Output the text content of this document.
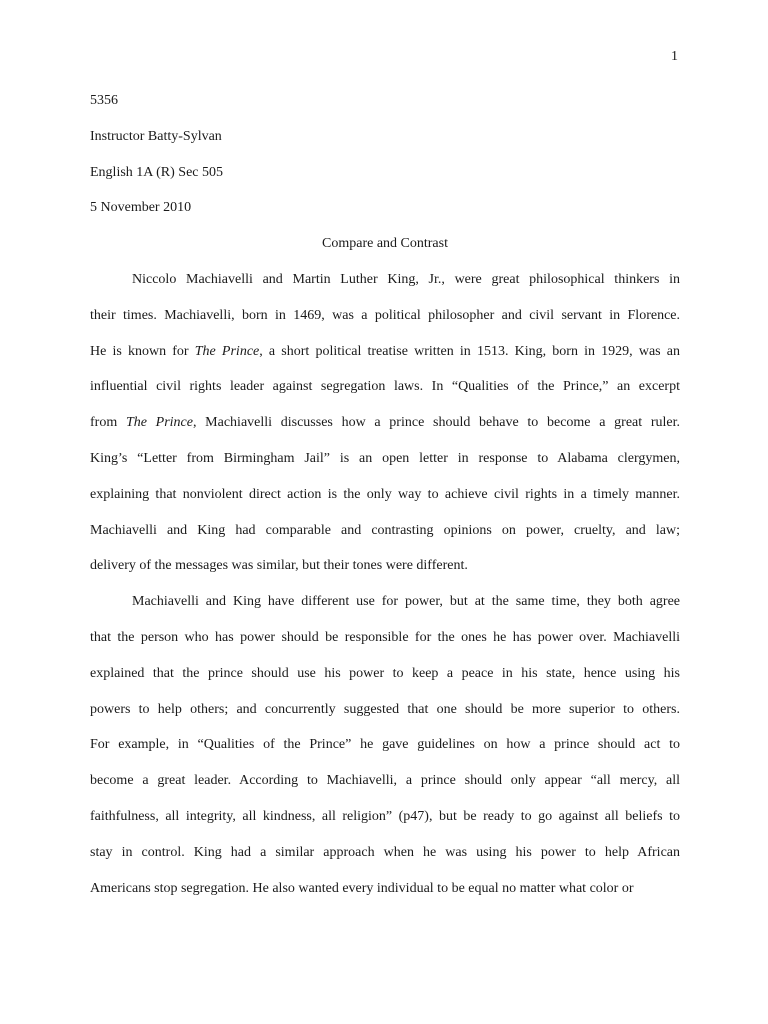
1
5356
Instructor Batty-Sylvan
English 1A (R) Sec 505
5 November 2010
Compare and Contrast
Niccolo Machiavelli and Martin Luther King, Jr., were great philosophical thinkers in
their times. Machiavelli, born in 1469, was a political philosopher and civil servant in Florence.
He is known for The Prince, a short political treatise written in 1513. King, born in 1929, was an
influential civil rights leader against segregation laws. In “Qualities of the Prince,” an excerpt
from The Prince, Machiavelli discusses how a prince should behave to become a great ruler.
King’s “Letter from Birmingham Jail” is an open letter in response to Alabama clergymen,
explaining that nonviolent direct action is the only way to achieve civil rights in a timely manner.
Machiavelli and King had comparable and contrasting opinions on power, cruelty, and law;
delivery of the messages was similar, but their tones were different.
Machiavelli and King have different use for power, but at the same time, they both agree
that the person who has power should be responsible for the ones he has power over. Machiavelli
explained that the prince should use his power to keep a peace in his state, hence using his
powers to help others; and concurrently suggested that one should be more superior to others.
For example, in “Qualities of the Prince” he gave guidelines on how a prince should act to
become a great leader. According to Machiavelli, a prince should only appear “all mercy, all
faithfulness, all integrity, all kindness, all religion” (p47), but be ready to go against all beliefs to
stay in control. King had a similar approach when he was using his power to help African
Americans stop segregation. He also wanted every individual to be equal no matter what color or
